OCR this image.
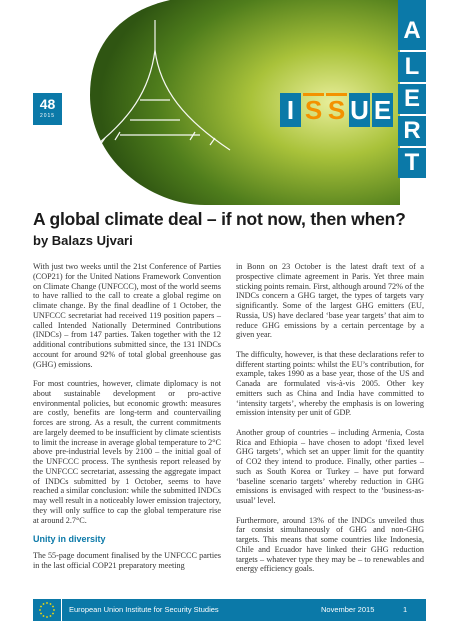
48
2015	I S S U E
A
L
E
R
T
A global climate deal – if not now, then when?
by Balazs Ujvari

With just two weeks until the 21st Conference of Parties (COP21) for the United Nations Framework Convention on Climate Change (UNFCCC), most of the world seems to have rallied to the call to create a global regime on climate change. By the final deadline of 1 October, the UNFCCC secretariat had received 119 position papers – called Intended Nationally Determined Contributions (INDCs) – from 147 parties. Taken together with the 12 additional contributions submitted since, the 131 INDCs account for around 92% of total global greenhouse gas (GHG) emissions.

For most countries, however, climate diplomacy is not about sustainable development or pro-active environmental policies, but economic growth: measures are costly, benefits are long-term and countervailing forces are strong. As a result, the current commitments are largely deemed to be insufficient by climate scientists to limit the increase in average global temperature to 2°C above pre-industrial levels by 2100 – the initial goal of the UNFCCC process. The synthesis report released by the UNFCCC secretariat, assessing the aggregate impact of INDCs submitted by 1 October, seems to have reached a similar conclusion: while the submitted INDCs may well result in a noticeably lower emission trajectory, they will only suffice to cap the global temperature rise at around 2.7°C.

Unity in diversity

The 55-page document finalised by the UNFCCC parties in the last official COP21 preparatory meeting

in Bonn on 23 October is the latest draft text of a prospective climate agreement in Paris. Yet three main sticking points remain. First, although around 72% of the INDCs concern a GHG target, the types of targets vary significantly. Some of the largest GHG emitters (EU, Russia, US) have declared ‘base year targets’ that aim to reduce GHG emissions by a certain percentage by a given year.

The difficulty, however, is that these declarations refer to different starting points: whilst the EU’s contribution, for example, takes 1990 as a base year, those of the US and Canada are formulated vis-à-vis 2005. Other key emitters such as China and India have committed to ‘intensity targets’, whereby the emphasis is on lowering emission intensity per unit of GDP.

Another group of countries – including Armenia, Costa Rica and Ethiopia – have chosen to adopt ‘fixed level GHG targets’, which set an upper limit for the quantity of CO2 they intend to produce. Finally, other parties – such as South Korea or Turkey – have put forward ‘baseline scenario targets’ whereby reduction in GHG emissions is envisaged with respect to the ‘business-as-usual’ level.

Furthermore, around 13% of the INDCs unveiled thus far consist simultaneously of GHG and non-GHG targets. This means that some countries like Indonesia, Chile and Ecuador have linked their GHG reduction targets – whatever type they may be – to renewables and energy efficiency goals.

European Union Institute for Security Studies	November 2015	1
